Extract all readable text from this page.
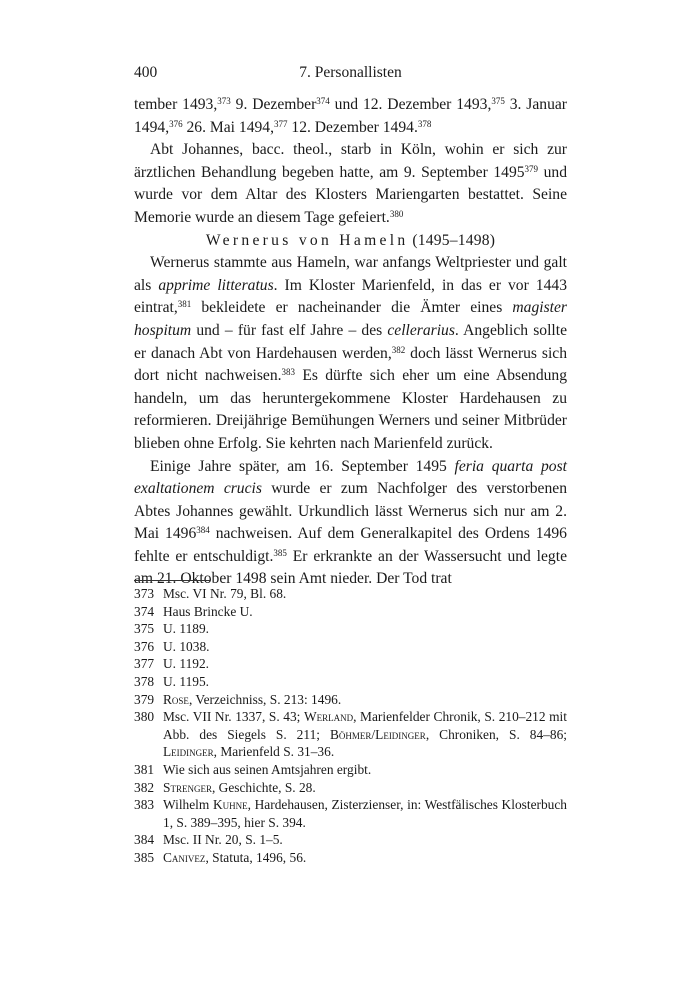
400	7. Personallisten

tember 1493,$^{373}$ 9. Dezember$^{374}$ und 12. Dezember 1493,$^{375}$ 3. Januar 1494,$^{376}$ 26. Mai 1494,$^{377}$ 12. Dezember 1494.$^{378}$

Abt Johannes, bacc. theol., starb in Köln, wohin er sich zur ärztlichen Behandlung begeben hatte, am 9. September 1495$^{379}$ und wurde vor dem Altar des Klosters Mariengarten bestattet. Seine Memorie wurde an diesem Tage gefeiert.$^{380}$

Wernerus von Hameln (1495–1498)

Wernerus stammte aus Hameln, war anfangs Weltpriester und galt als apprime litteratus. Im Kloster Marienfeld, in das er vor 1443 eintrat,$^{381}$ bekleidete er nacheinander die Ämter eines magister hospitum und – für fast elf Jahre – des cellerarius. Angeblich sollte er danach Abt von Hardehausen werden,$^{382}$ doch lässt Wernerus sich dort nicht nachweisen.$^{383}$ Es dürfte sich eher um eine Absendung handeln, um das heruntergekommene Kloster Hardehausen zu reformieren. Dreijährige Bemühungen Werners und seiner Mitbrüder blieben ohne Erfolg. Sie kehrten nach Marienfeld zurück.

Einige Jahre später, am 16. September 1495 feria quarta post exaltationem crucis wurde er zum Nachfolger des verstorbenen Abtes Johannes gewählt. Urkundlich lässt Wernerus sich nur am 2. Mai 1496$^{384}$ nachweisen. Auf dem Generalkapitel des Ordens 1496 fehlte er entschuldigt.$^{385}$ Er erkrankte an der Wassersucht und legte am 21. Oktober 1498 sein Amt nieder. Der Tod trat

373 Msc. VI Nr. 79, Bl. 68.
374 Haus Brincke U.
375 U. 1189.
376 U. 1038.
377 U. 1192.
378 U. 1195.
379 Rose, Verzeichniss, S. 213: 1496.
380 Msc. VII Nr. 1337, S. 43; Werland, Marienfelder Chronik, S. 210–212 mit Abb. des Siegels S. 211; Böhmer/Leidinger, Chroniken, S. 84–86; Leidinger, Marienfeld S. 31–36.
381 Wie sich aus seinen Amtsjahren ergibt.
382 Strenger, Geschichte, S. 28.
383 Wilhelm Kuhne, Hardehausen, Zisterzienser, in: Westfälisches Klosterbuch 1, S. 389–395, hier S. 394.
384 Msc. II Nr. 20, S. 1–5.
385 Canivez, Statuta, 1496, 56.
